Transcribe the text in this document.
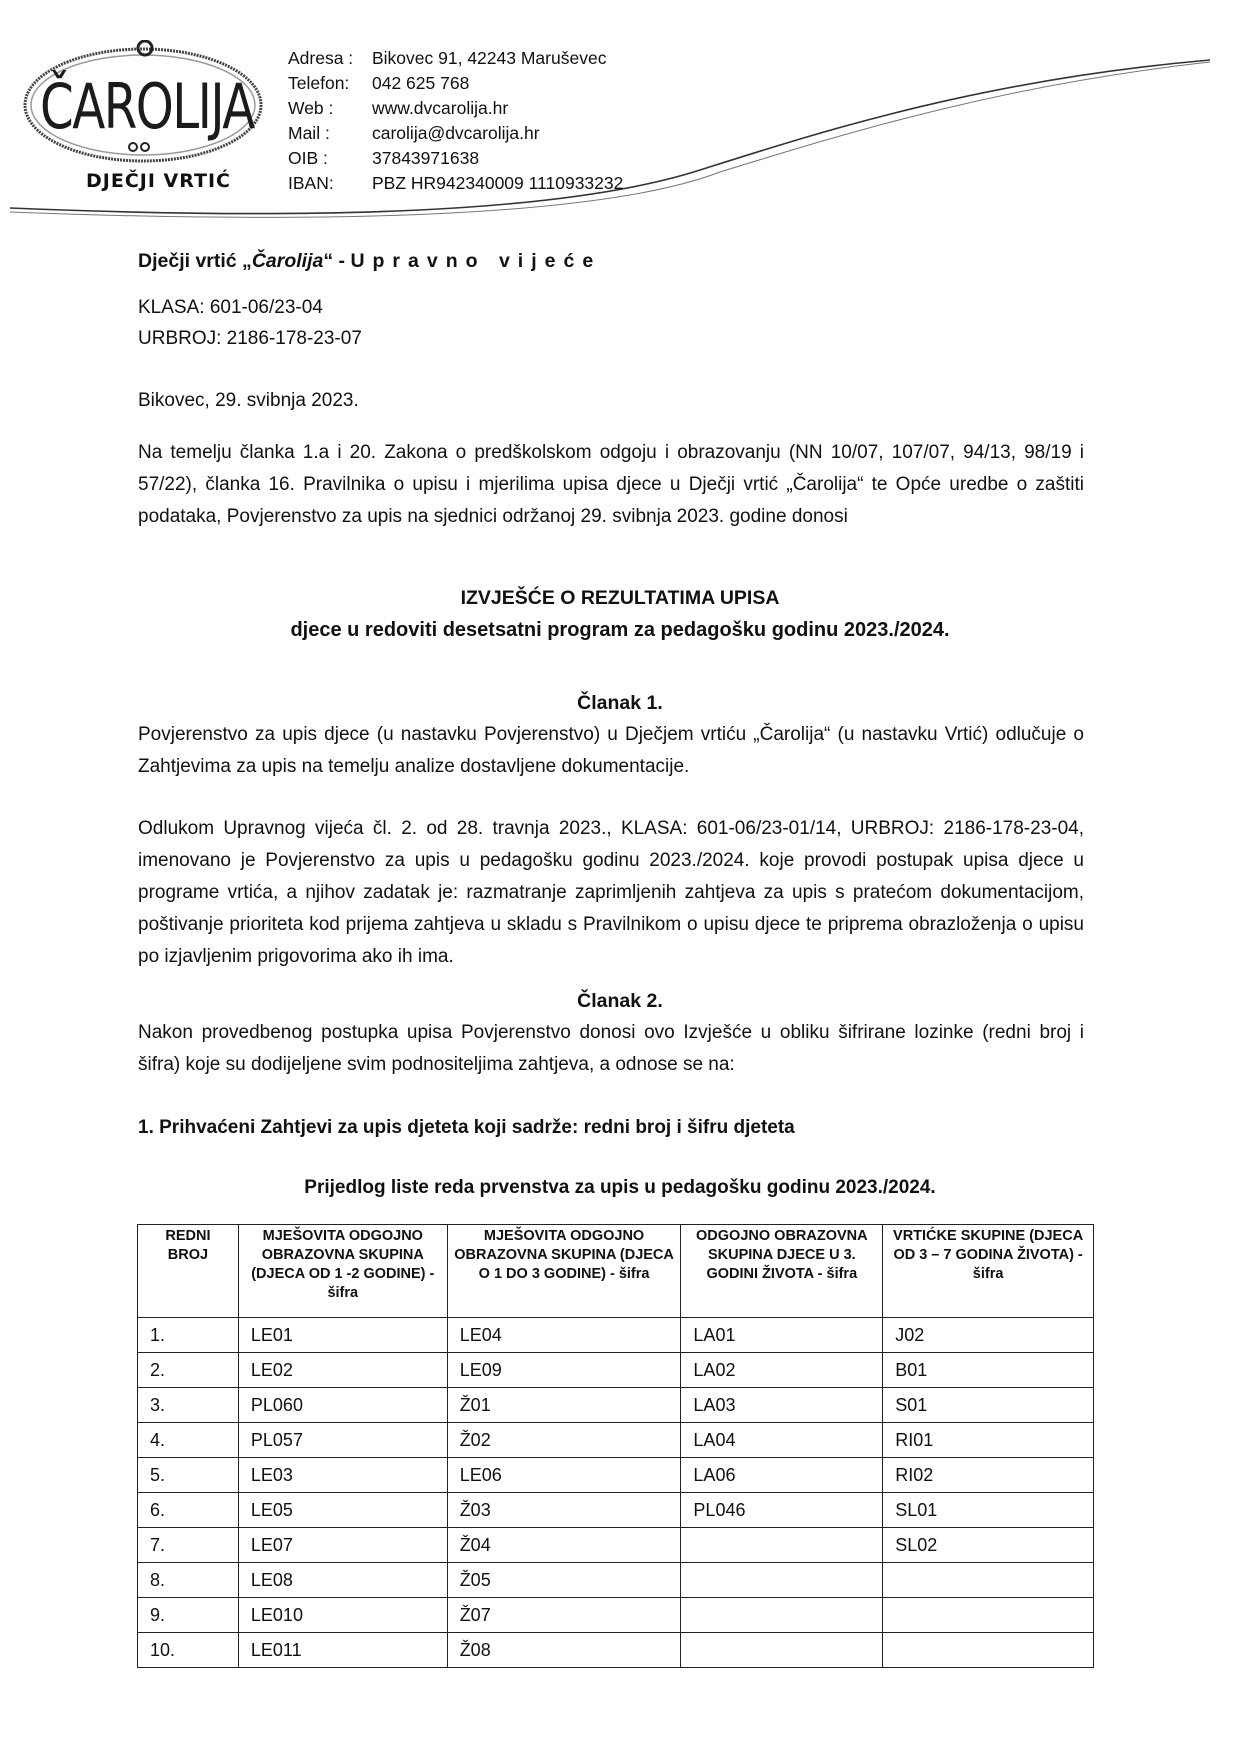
ČAROLIJA
DJEČJI VRTIĆ
Adresa :	Bikovec 91, 42243 Maruševec
Telefon:	042 625 768
Web :	www.dvcarolija.hr
Mail :	carolija@dvcarolija.hr
OIB :	37843971638
IBAN:	PBZ HR942340009 1110933232
Dječji vrtić „Čarolija“ - Upravno vijeće
KLASA: 601-06/23-04
URBROJ: 2186-178-23-07
Bikovec, 29. svibnja 2023.
Na temelju članka 1.a i 20. Zakona o predškolskom odgoju i obrazovanju (NN 10/07, 107/07, 94/13, 98/19 i 57/22), članka 16. Pravilnika o upisu i mjerilima upisa djece u Dječji vrtić „Čarolija“ te Opće uredbe o zaštiti podataka, Povjerenstvo za upis na sjednici održanoj 29. svibnja 2023. godine donosi
IZVJEŠĆE O REZULTATIMA UPISA
djece u redoviti desetsatni program za pedagošku godinu 2023./2024.
Članak 1.
Povjerenstvo za upis djece (u nastavku Povjerenstvo) u Dječjem vrtiću „Čarolija“ (u nastavku Vrtić) odlučuje o Zahtjevima za upis na temelju analize dostavljene dokumentacije.
Odlukom Upravnog vijeća čl. 2. od 28. travnja 2023., KLASA: 601-06/23-01/14, URBROJ: 2186-178-23-04, imenovano je Povjerenstvo za upis u pedagošku godinu 2023./2024. koje provodi postupak upisa djece u programe vrtića, a njihov zadatak je: razmatranje zaprimljenih zahtjeva za upis s pratećom dokumentacijom, poštivanje prioriteta kod prijema zahtjeva u skladu s Pravilnikom o upisu djece te priprema obrazloženja o upisu po izjavljenim prigovorima ako ih ima.
Članak 2.
Nakon provedbenog postupka upisa Povjerenstvo donosi ovo Izvješće u obliku šifrirane lozinke (redni broj i šifra) koje su dodijeljene svim podnositeljima zahtjeva, a odnose se na:
1. Prihvaćeni Zahtjevi za upis djeteta koji sadrže: redni broj i šifru djeteta
Prijedlog liste reda prvenstva za upis u pedagošku godinu 2023./2024.
REDNI BROJ	MJEŠOVITA ODGOJNO OBRAZOVNA SKUPINA (DJECA OD 1 -2 GODINE) - šifra	MJEŠOVITA ODGOJNO OBRAZOVNA SKUPINA (DJECA O 1 DO 3 GODINE) - šifra	ODGOJNO OBRAZOVNA SKUPINA DJECE U 3. GODINI ŽIVOTA - šifra	VRTIĆKE SKUPINE (DJECA OD 3 – 7 GODINA ŽIVOTA) - šifra
1.	LE01	LE04	LA01	J02
2.	LE02	LE09	LA02	B01
3.	PL060	Ž01	LA03	S01
4.	PL057	Ž02	LA04	RI01
5.	LE03	LE06	LA06	RI02
6.	LE05	Ž03	PL046	SL01
7.	LE07	Ž04		SL02
8.	LE08	Ž05		
9.	LE010	Ž07		
10.	LE011	Ž08		
